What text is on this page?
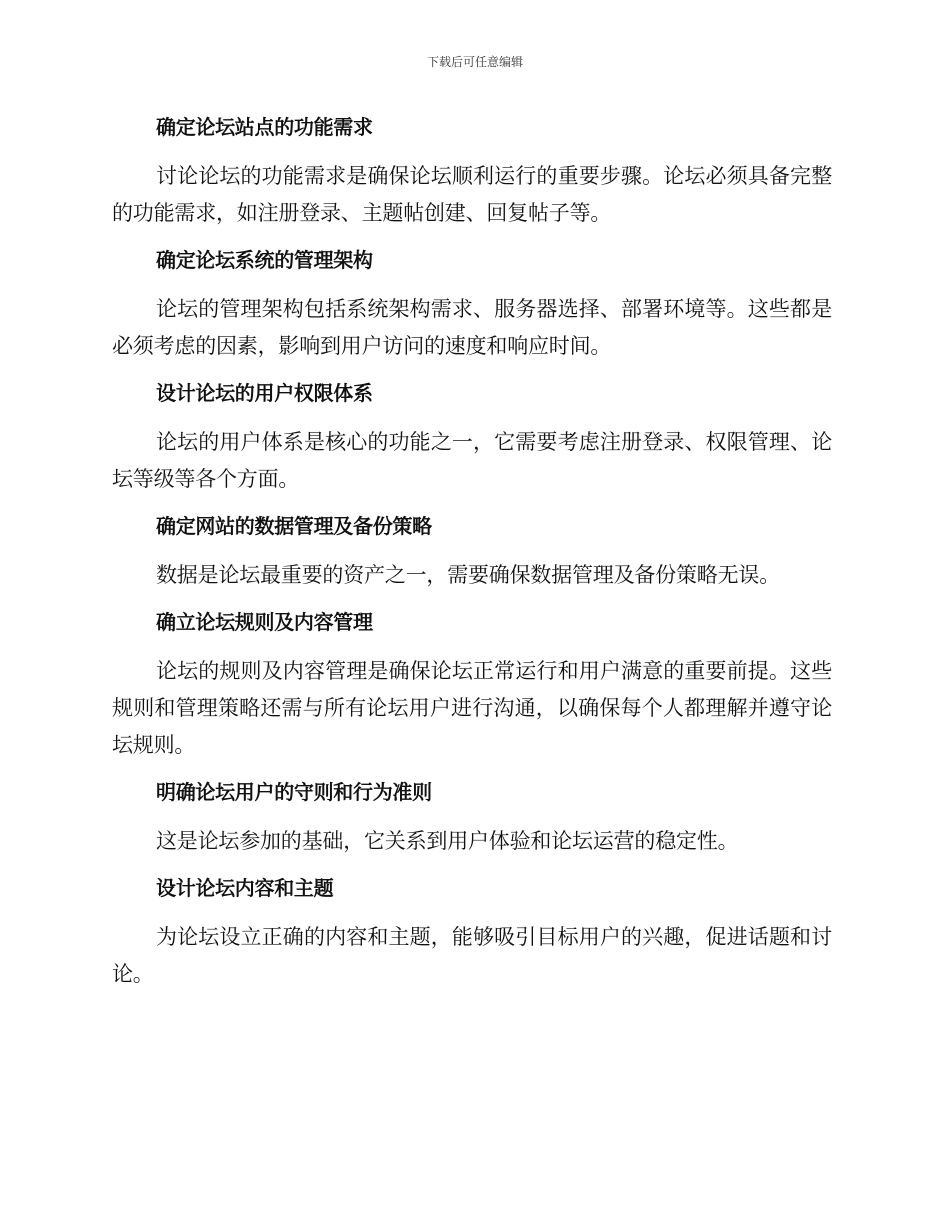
下载后可任意编辑
确定论坛站点的功能需求

讨论论坛的功能需求是确保论坛顺利运行的重要步骤。论坛必须具备完整的功能需求，如注册登录、主题帖创建、回复帖子等。

确定论坛系统的管理架构

论坛的管理架构包括系统架构需求、服务器选择、部署环境等。这些都是必须考虑的因素，影响到用户访问的速度和响应时间。

设计论坛的用户权限体系

论坛的用户体系是核心的功能之一，它需要考虑注册登录、权限管理、论坛等级等各个方面。

确定网站的数据管理及备份策略

数据是论坛最重要的资产之一，需要确保数据管理及备份策略无误。

确立论坛规则及内容管理

论坛的规则及内容管理是确保论坛正常运行和用户满意的重要前提。这些规则和管理策略还需与所有论坛用户进行沟通，以确保每个人都理解并遵守论坛规则。

明确论坛用户的守则和行为准则

这是论坛参加的基础，它关系到用户体验和论坛运营的稳定性。

设计论坛内容和主题

为论坛设立正确的内容和主题，能够吸引目标用户的兴趣，促进话题和讨论。
